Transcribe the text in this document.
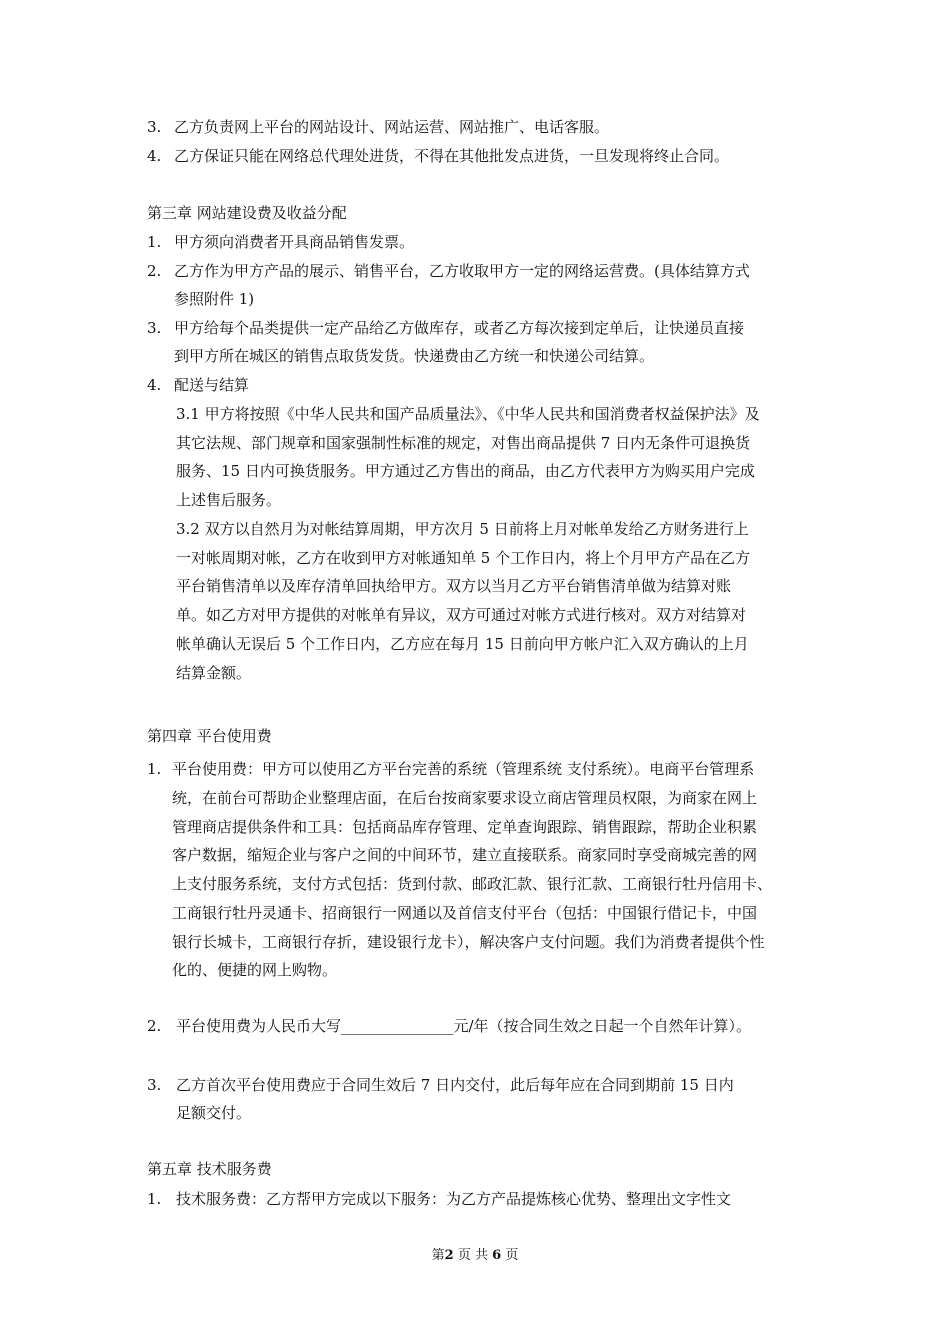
3. 乙方负责网上平台的网站设计、网站运营、网站推广、电话客服。
4. 乙方保证只能在网络总代理处进货，不得在其他批发点进货，一旦发现将终止合同。
第三章 网站建设费及收益分配
1. 甲方须向消费者开具商品销售发票。
2. 乙方作为甲方产品的展示、销售平台，乙方收取甲方一定的网络运营费。(具体结算方式
参照附件 1)
3. 甲方给每个品类提供一定产品给乙方做库存，或者乙方每次接到定单后，让快递员直接
到甲方所在城区的销售点取货发货。快递费由乙方统一和快递公司结算。
4. 配送与结算
3.1 甲方将按照《中华人民共和国产品质量法》、《中华人民共和国消费者权益保护法》及
其它法规、部门规章和国家强制性标准的规定，对售出商品提供 7 日内无条件可退换货
服务、15 日内可换货服务。甲方通过乙方售出的商品，由乙方代表甲方为购买用户完成
上述售后服务。
3.2 双方以自然月为对帐结算周期，甲方次月 5 日前将上月对帐单发给乙方财务进行上
一对帐周期对帐，乙方在收到甲方对帐通知单 5 个工作日内，将上个月甲方产品在乙方
平台销售清单以及库存清单回执给甲方。双方以当月乙方平台销售清单做为结算对账
单。如乙方对甲方提供的对帐单有异议，双方可通过对帐方式进行核对。双方对结算对
帐单确认无误后 5 个工作日内，乙方应在每月 15 日前向甲方帐户汇入双方确认的上月
结算金额。
第四章 平台使用费
1. 平台使用费：甲方可以使用乙方平台完善的系统（管理系统 支付系统）。电商平台管理系
统，在前台可帮助企业整理店面，在后台按商家要求设立商店管理员权限，为商家在网上
管理商店提供条件和工具：包括商品库存管理、定单查询跟踪、销售跟踪，帮助企业积累
客户数据，缩短企业与客户之间的中间环节，建立直接联系。商家同时享受商城完善的网
上支付服务系统，支付方式包括：货到付款、邮政汇款、银行汇款、工商银行牡丹信用卡、
工商银行牡丹灵通卡、招商银行一网通以及首信支付平台（包括：中国银行借记卡，中国
银行长城卡，工商银行存折，建设银行龙卡），解决客户支付问题。我们为消费者提供个性
化的、便捷的网上购物。
2. 平台使用费为人民币大写_______________元/年（按合同生效之日起一个自然年计算）。
3. 乙方首次平台使用费应于合同生效后 7 日内交付，此后每年应在合同到期前 15 日内
足额交付。
第五章 技术服务费
1. 技术服务费：乙方帮甲方完成以下服务：为乙方产品提炼核心优势、整理出文字性文
第2 页 共 6 页
